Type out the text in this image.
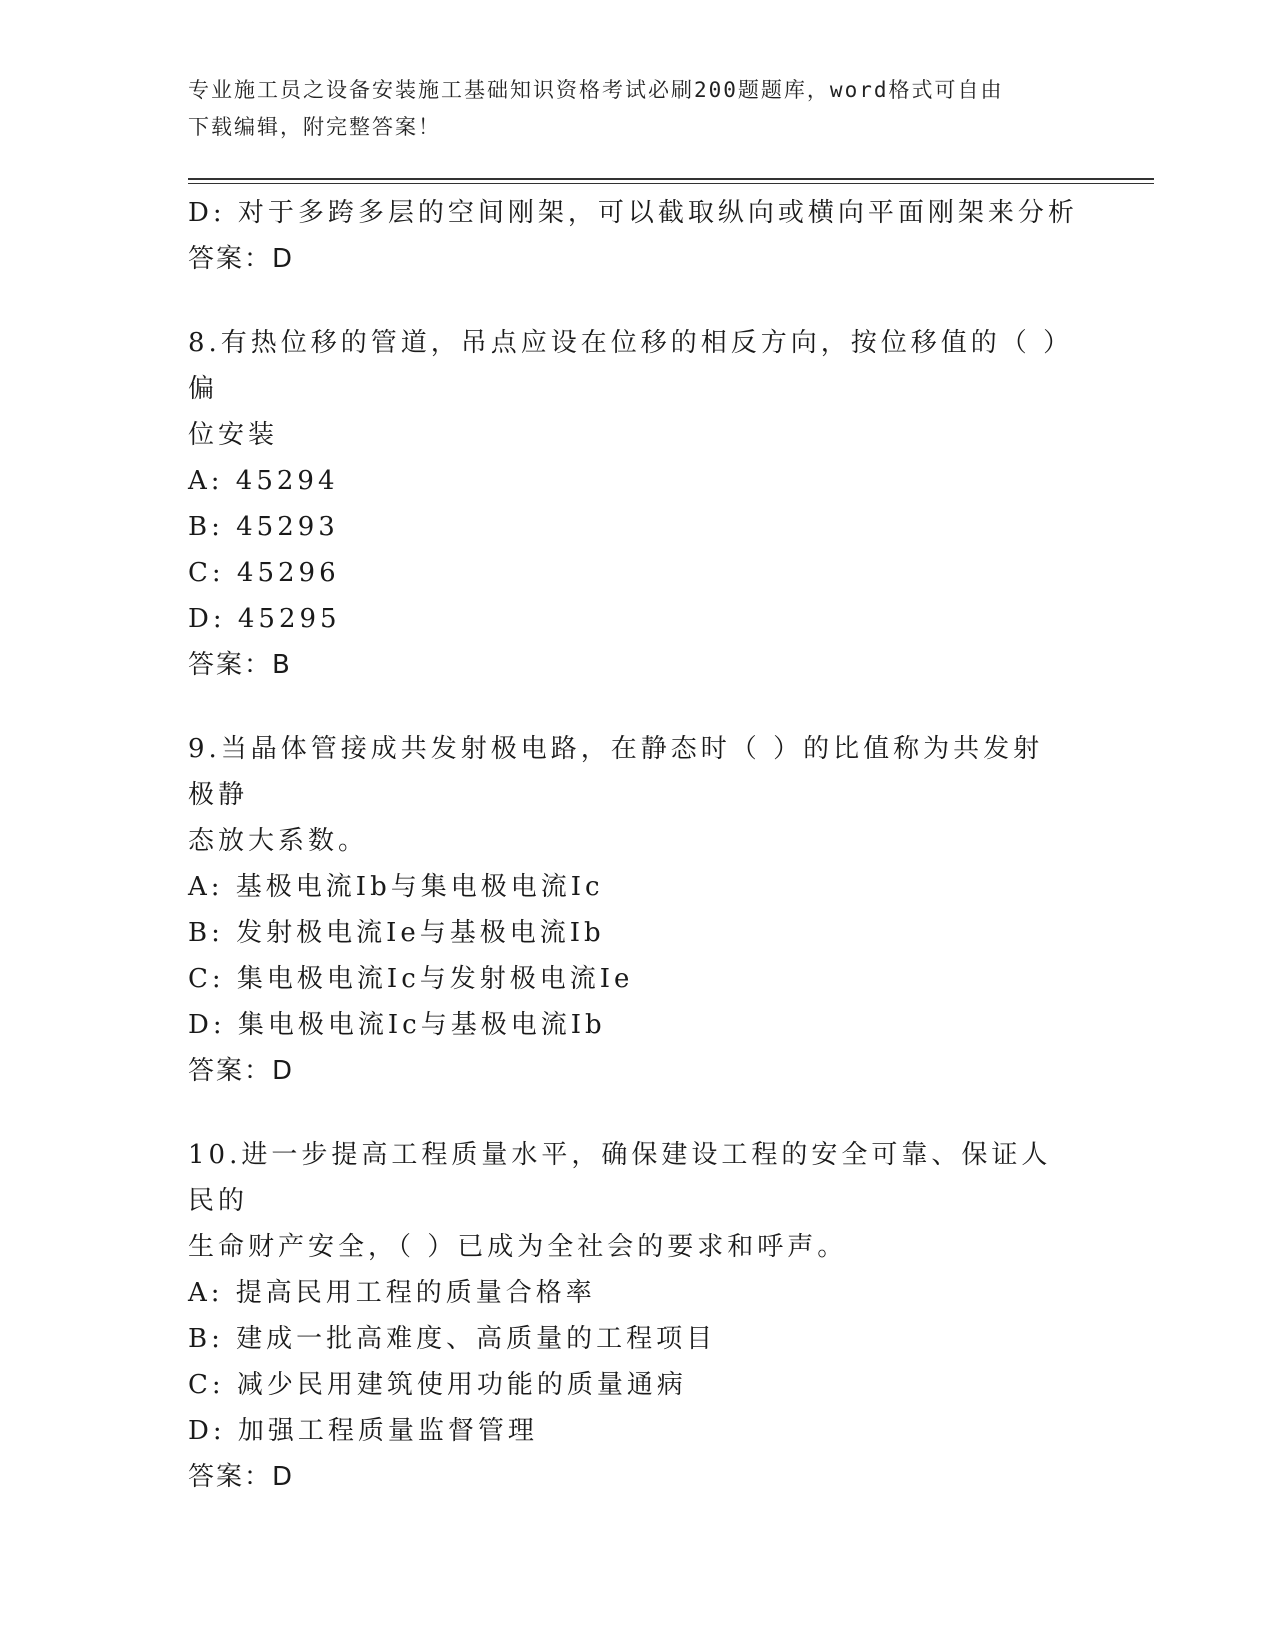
专业施工员之设备安装施工基础知识资格考试必刷200题题库，word格式可自由
下载编辑，附完整答案！
D: 对于多跨多层的空间刚架，可以截取纵向或横向平面刚架来分析
答案：D
8.有热位移的管道，吊点应设在位移的相反方向，按位移值的（ ）偏
位安装
A: 45294
B: 45293
C: 45296
D: 45295
答案：B
9.当晶体管接成共发射极电路，在静态时（ ）的比值称为共发射极静
态放大系数。
A: 基极电流Ib与集电极电流Ic
B: 发射极电流Ie与基极电流Ib
C: 集电极电流Ic与发射极电流Ie
D: 集电极电流Ic与基极电流Ib
答案：D
10.进一步提高工程质量水平，确保建设工程的安全可靠、保证人民的
生命财产安全，（ ）已成为全社会的要求和呼声。
A: 提高民用工程的质量合格率
B: 建成一批高难度、高质量的工程项目
C: 减少民用建筑使用功能的质量通病
D: 加强工程质量监督管理
答案：D
